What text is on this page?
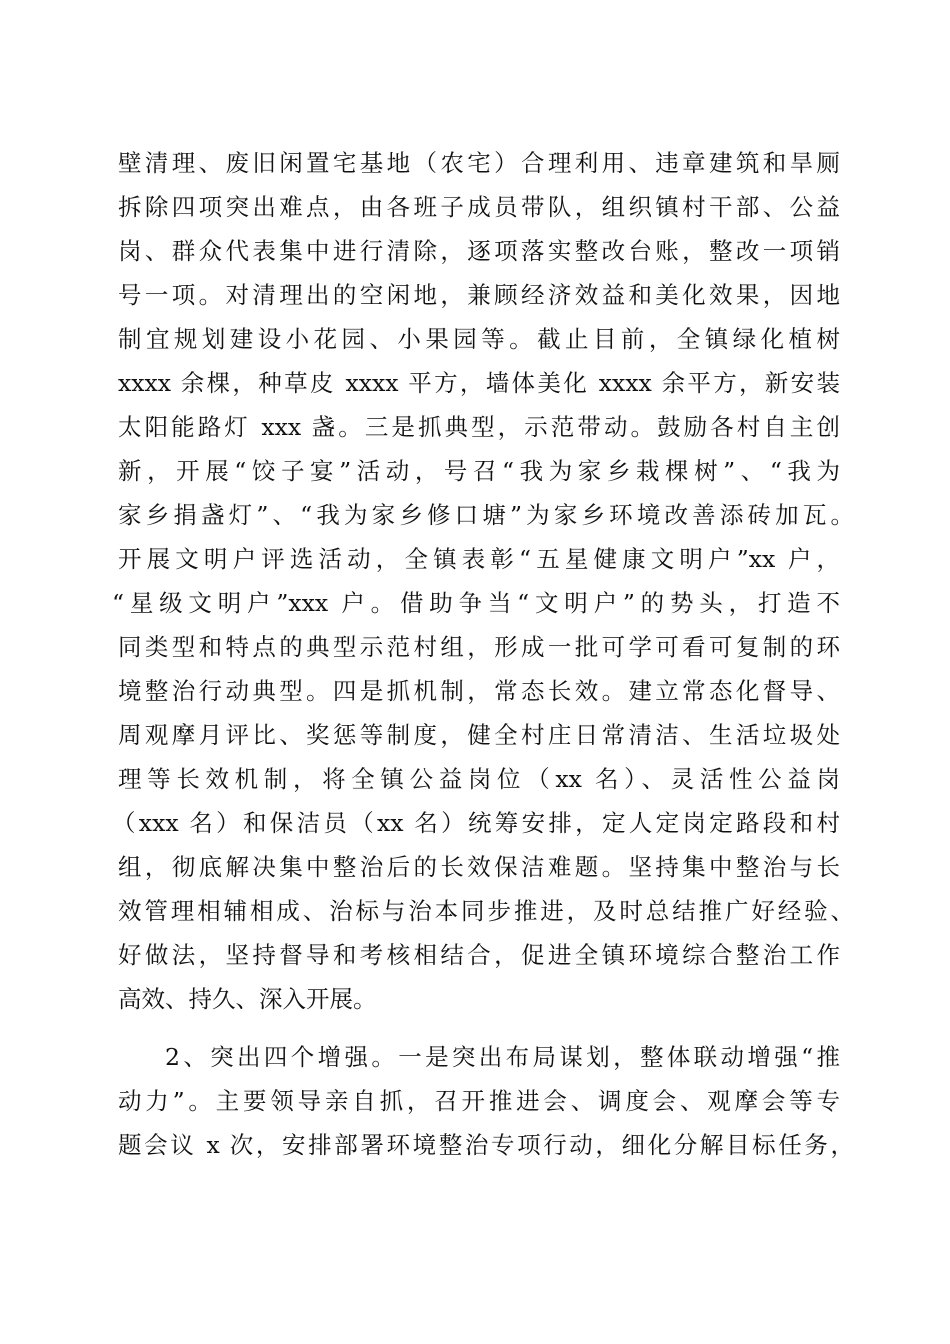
壁清理、废旧闲置宅基地（农宅）合理利用、违章建筑和旱厕
拆除四项突出难点，由各班子成员带队，组织镇村干部、公益
岗、群众代表集中进行清除，逐项落实整改台账，整改一项销
号一项。对清理出的空闲地，兼顾经济效益和美化效果，因地
制宜规划建设小花园、小果园等。截止目前，全镇绿化植树
xxxx 余棵，种草皮 xxxx 平方，墙体美化 xxxx 余平方，新安装
太阳能路灯 xxx 盏。三是抓典型，示范带动。鼓励各村自主创
新，开展“饺子宴”活动，号召“我为家乡栽棵树”、“我为
家乡捐盏灯”、“我为家乡修口塘”为家乡环境改善添砖加瓦。
开展文明户评选活动，全镇表彰“五星健康文明户”xx 户，
“星级文明户”xxx 户。借助争当“文明户”的势头，打造不
同类型和特点的典型示范村组，形成一批可学可看可复制的环
境整治行动典型。四是抓机制，常态长效。建立常态化督导、
周观摩月评比、奖惩等制度，健全村庄日常清洁、生活垃圾处
理等长效机制，将全镇公益岗位（xx 名）、灵活性公益岗
（xxx 名）和保洁员（xx 名）统筹安排，定人定岗定路段和村
组，彻底解决集中整治后的长效保洁难题。坚持集中整治与长
效管理相辅相成、治标与治本同步推进，及时总结推广好经验、
好做法，坚持督导和考核相结合，促进全镇环境综合整治工作
高效、持久、深入开展。
2、突出四个增强。一是突出布局谋划，整体联动增强“推
动力”。主要领导亲自抓，召开推进会、调度会、观摩会等专
题会议 x 次，安排部署环境整治专项行动，细化分解目标任务，
